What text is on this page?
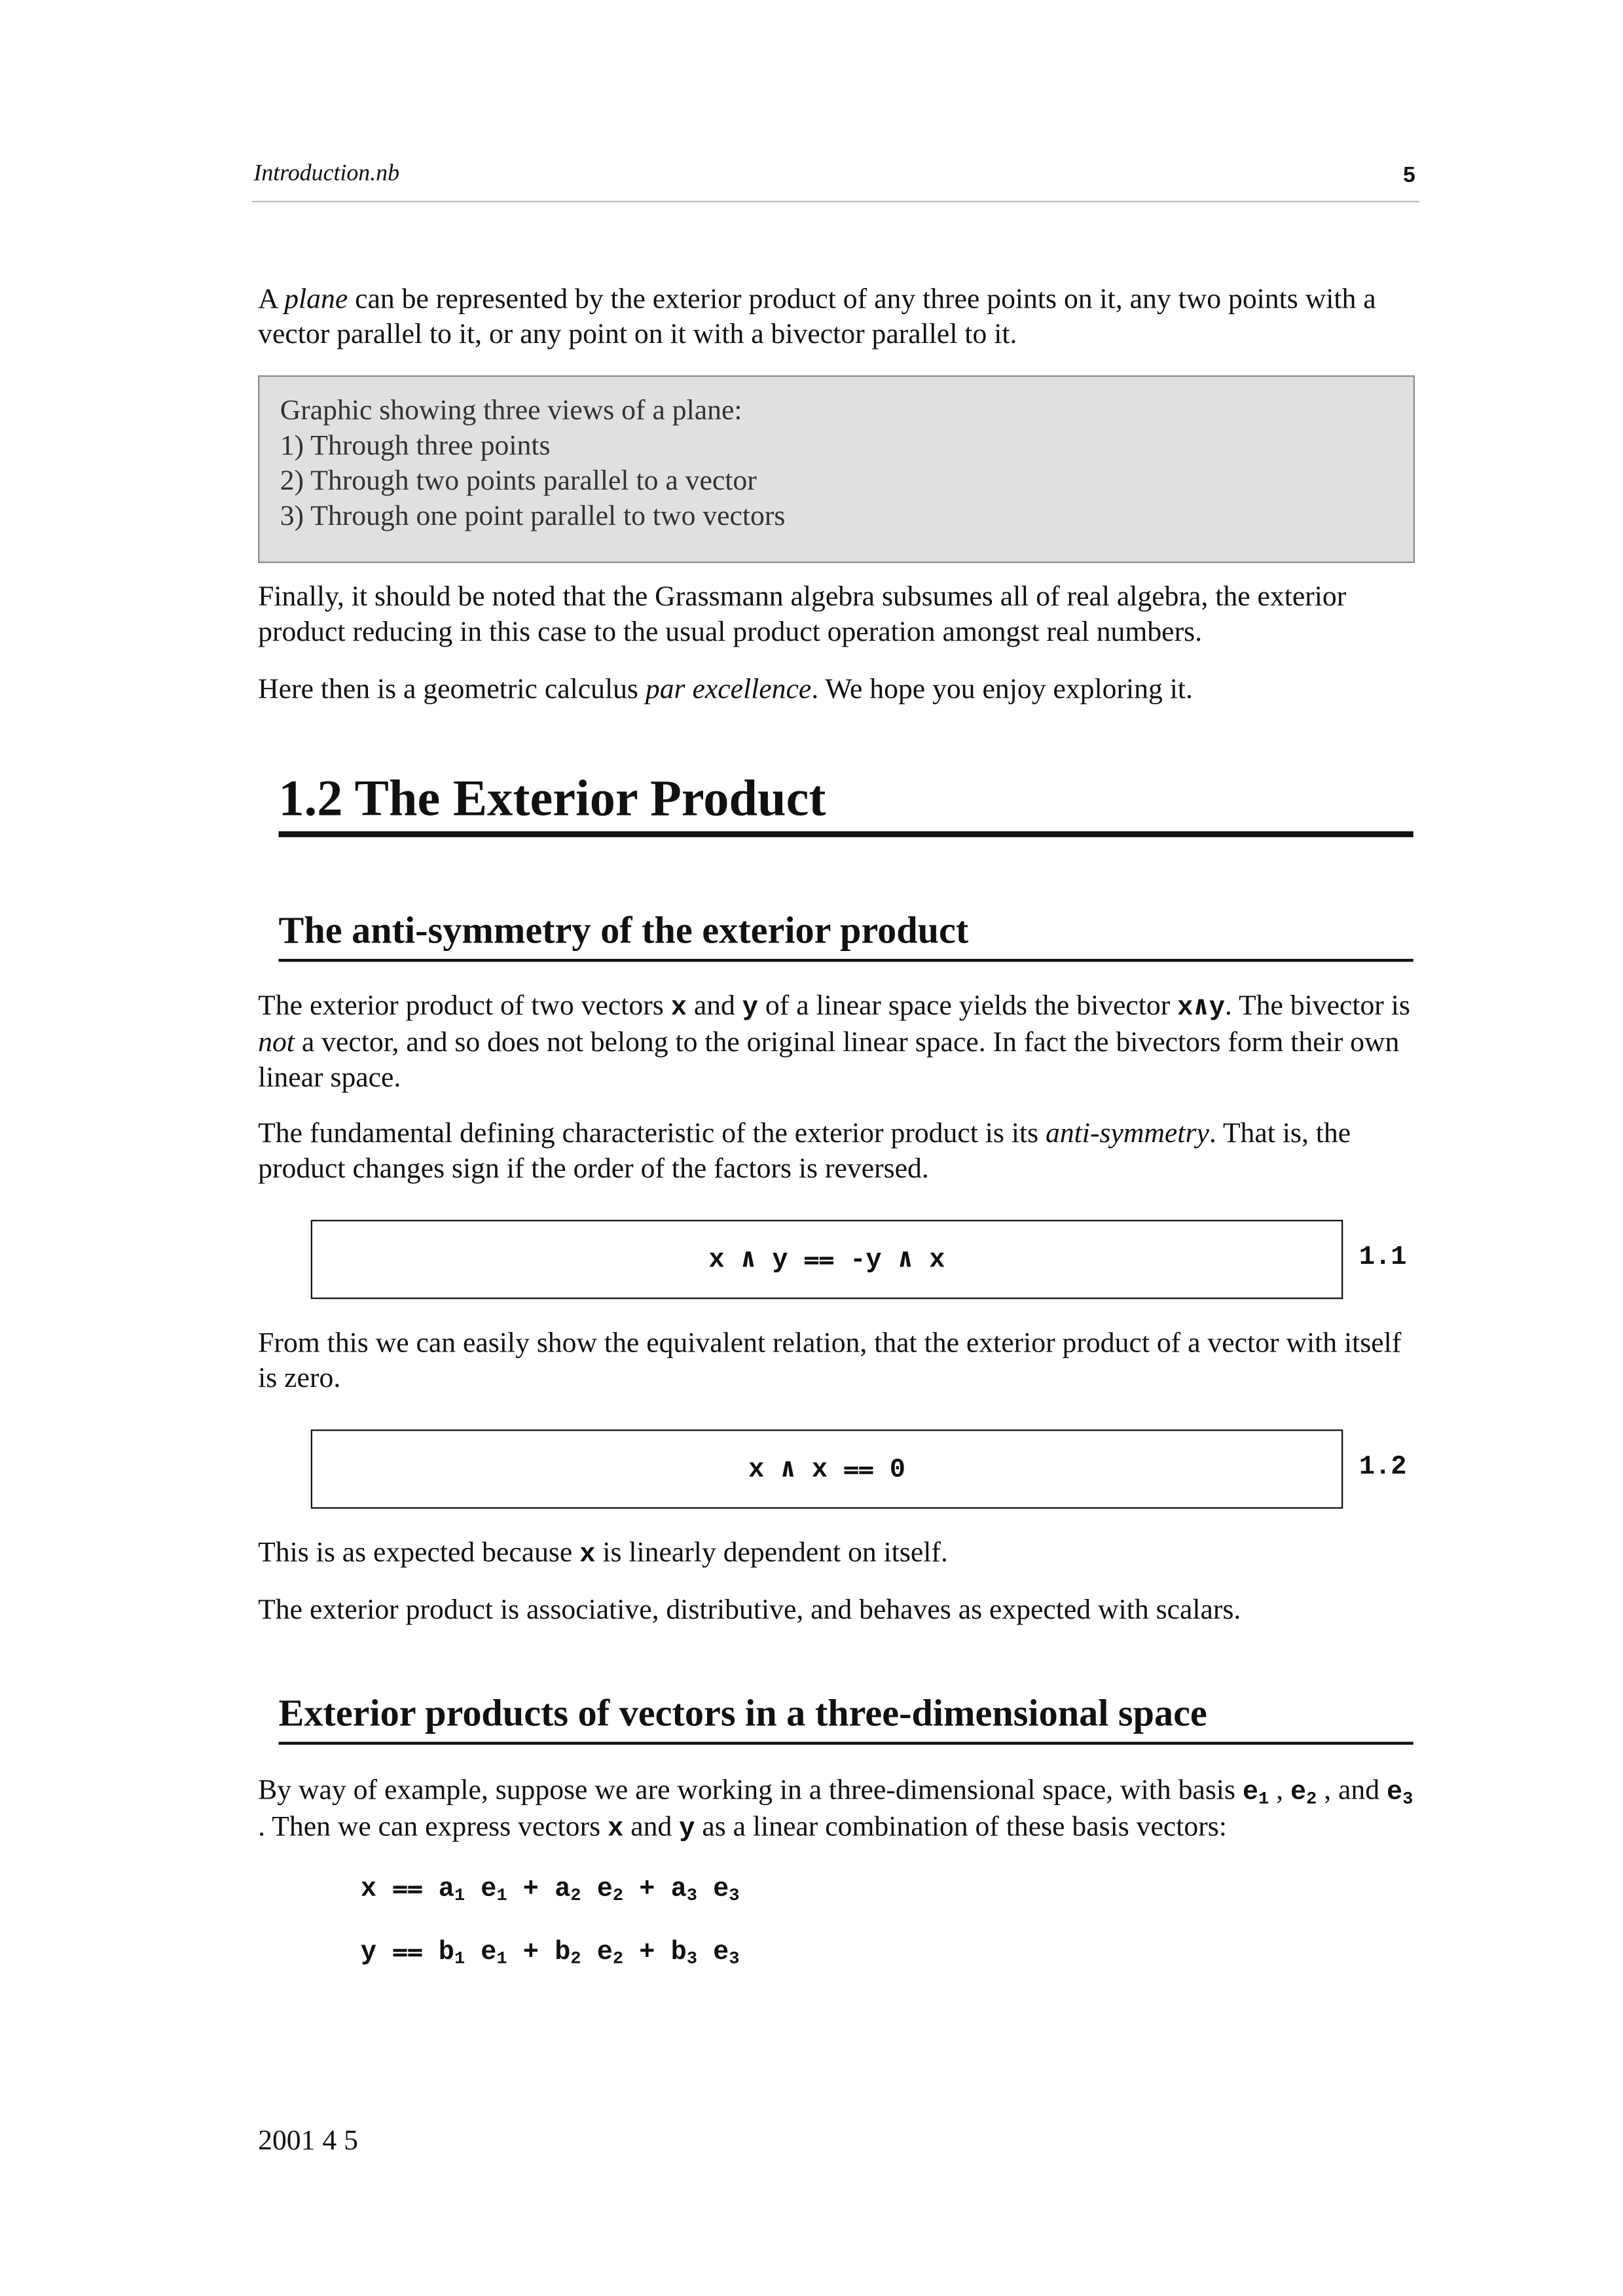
Introduction.nb	5
A plane can be represented by the exterior product of any three points on it, any two points with a vector parallel to it, or any point on it with a bivector parallel to it.
Graphic showing three views of a plane:
1) Through three points
2) Through two points parallel to a vector
3) Through one point parallel to two vectors
Finally, it should be noted that the Grassmann algebra subsumes all of real algebra, the exterior product reducing in this case to the usual product operation amongst real numbers.
Here then is a geometric calculus par excellence. We hope you enjoy exploring it.
1.2 The Exterior Product
The anti-symmetry of the exterior product
The exterior product of two vectors x and y of a linear space yields the bivector x∧y. The bivector is not a vector, and so does not belong to the original linear space. In fact the bivectors form their own linear space.
The fundamental defining characteristic of the exterior product is its anti-symmetry. That is, the product changes sign if the order of the factors is reversed.
x ∧ y ⩵ -y ∧ x	1.1
From this we can easily show the equivalent relation, that the exterior product of a vector with itself is zero.
x ∧ x ⩵ 0	1.2
This is as expected because x is linearly dependent on itself.
The exterior product is associative, distributive, and behaves as expected with scalars.
Exterior products of vectors in a three-dimensional space
By way of example, suppose we are working in a three-dimensional space, with basis $e_1$ , $e_2$ , and $e_3$ . Then we can express vectors x and y as a linear combination of these basis vectors:
x ⩵ $a_1$ $e_1 + a_2$ $e_2 + a_3$ $e_3$
y ⩵ $b_1$ $e_1 + b_2$ $e_2 + b_3$ $e_3$
2001 4 5
